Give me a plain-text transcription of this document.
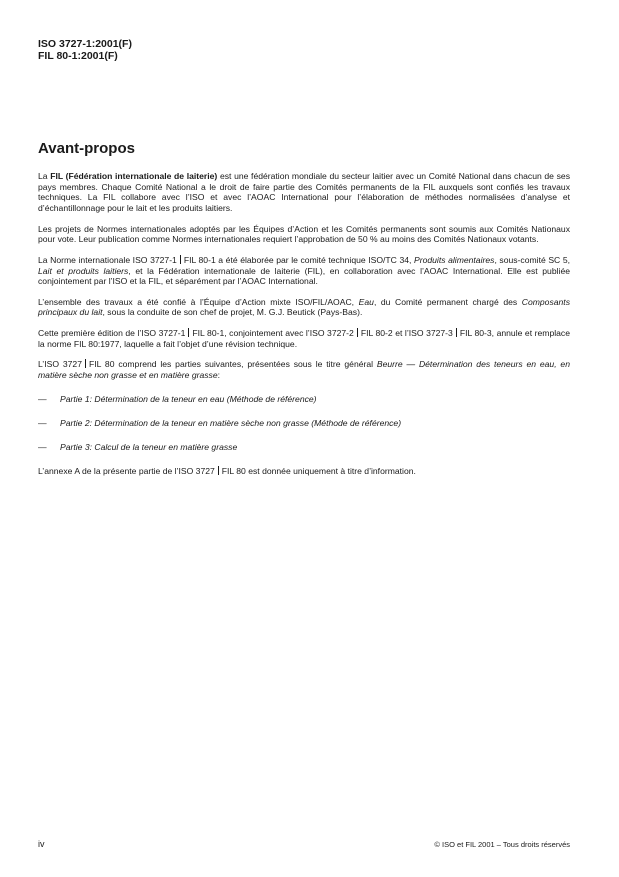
ISO 3727-1:2001(F)
FIL 80-1:2001(F)
Avant-propos

La FIL (Fédération internationale de laiterie) est une fédération mondiale du secteur laitier avec un Comité National dans chacun de ses pays membres. Chaque Comité National a le droit de faire partie des Comités permanents de la FIL auxquels sont confiés les travaux techniques. La FIL collabore avec l’ISO et avec l’AOAC International pour l’élaboration de méthodes normalisées d’analyse et d’échantillonnage pour le lait et les produits laitiers.

Les projets de Normes internationales adoptés par les Équipes d’Action et les Comités permanents sont soumis aux Comités Nationaux pour vote. Leur publication comme Normes internationales requiert l’approbation de 50 % au moins des Comités Nationaux votants.

La Norme internationale ISO 3727-1 FIL 80-1 a été élaborée par le comité technique ISO/TC 34, Produits alimentaires, sous-comité SC 5, Lait et produits laitiers, et la Fédération internationale de laiterie (FIL), en collaboration avec l’AOAC International. Elle est publiée conjointement par l’ISO et la FIL, et séparément par l’AOAC International.

L’ensemble des travaux a été confié à l’Équipe d’Action mixte ISO/FIL/AOAC, Eau, du Comité permanent chargé des Composants principaux du lait, sous la conduite de son chef de projet, M. G.J. Beutick (Pays-Bas).

Cette première édition de l’ISO 3727-1 FIL 80-1, conjointement avec l’ISO 3727-2 FIL 80-2 et l’ISO 3727-3 FIL 80-3, annule et remplace la norme FIL 80:1977, laquelle a fait l’objet d’une révision technique.

L’ISO 3727 FIL 80 comprend les parties suivantes, présentées sous le titre général Beurre — Détermination des teneurs en eau, en matière sèche non grasse et en matière grasse:

—	Partie 1: Détermination de la teneur en eau (Méthode de référence)
—	Partie 2: Détermination de la teneur en matière sèche non grasse (Méthode de référence)
—	Partie 3: Calcul de la teneur en matière grasse

L’annexe A de la présente partie de l’ISO 3727 FIL 80 est donnée uniquement à titre d’information.

iv	© ISO et FIL 2001 – Tous droits réservés
